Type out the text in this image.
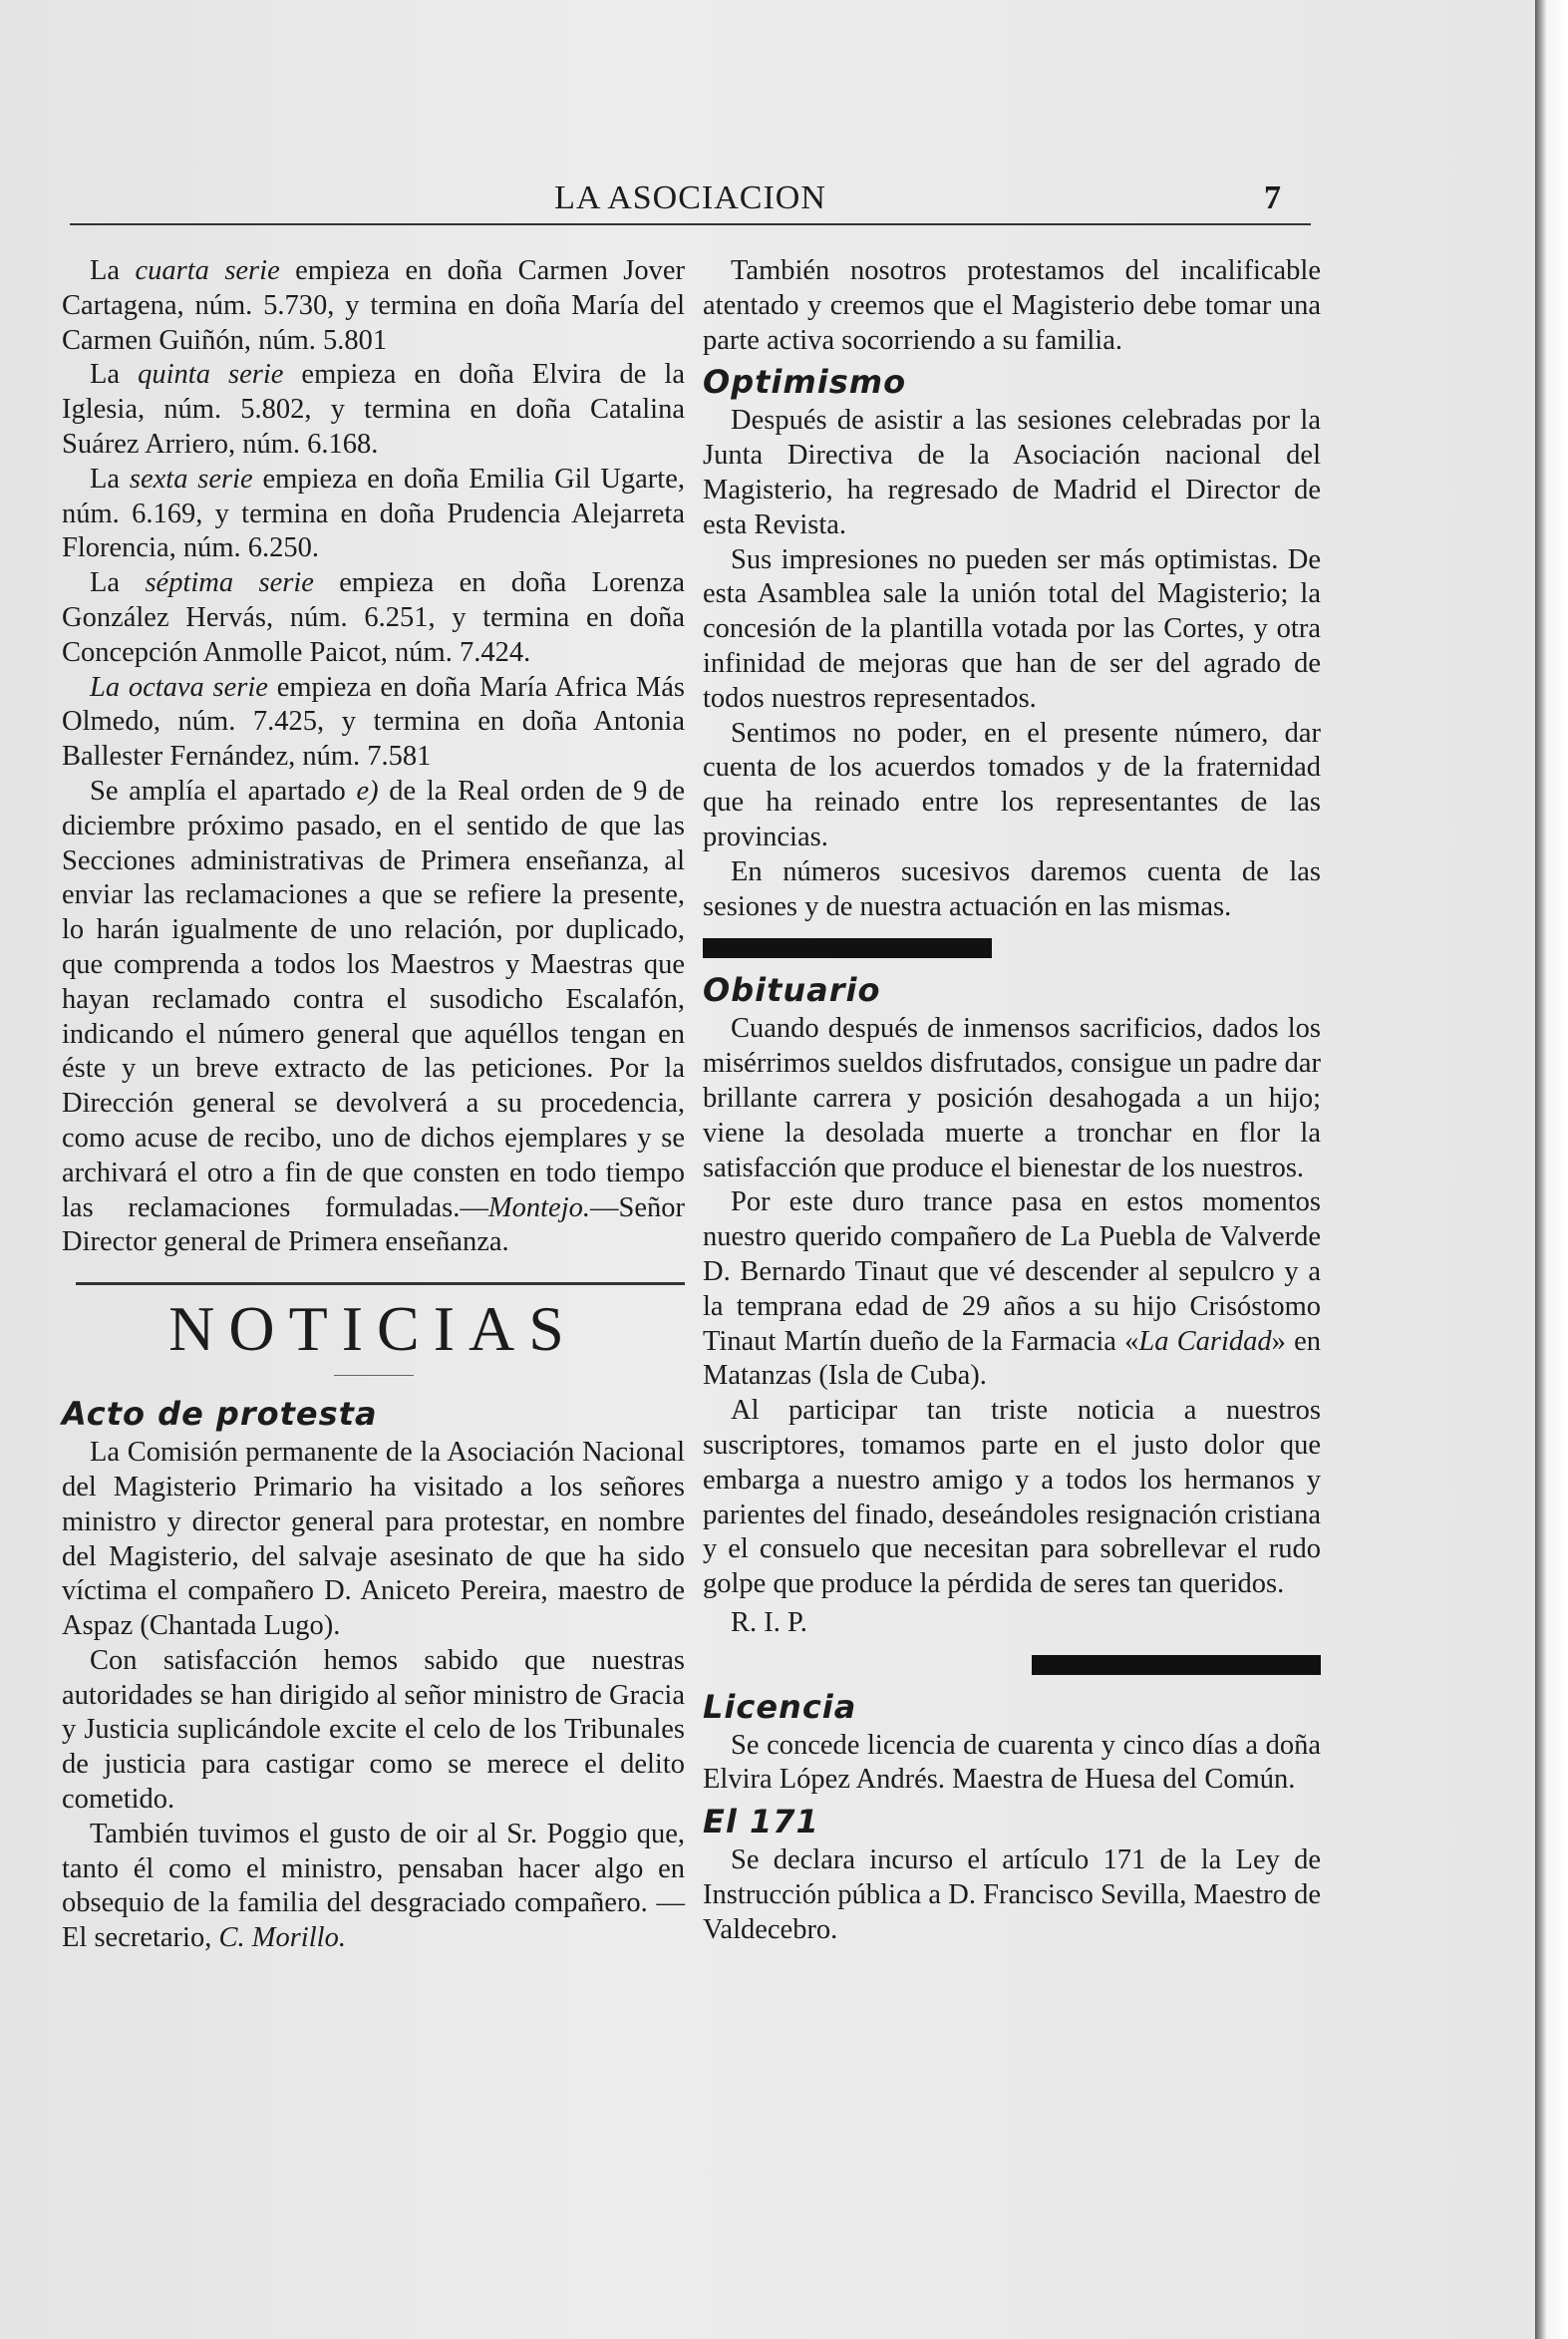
LA ASOCIACION	7

La cuarta serie empieza en doña Carmen Jover Cartagena, núm. 5.730, y termina en doña María del Carmen Guiñón, núm. 5.801

La quinta serie empieza en doña Elvira de la Iglesia, núm. 5.802, y termina en doña Catalina Suárez Arriero, núm. 6.168.

La sexta serie empieza en doña Emilia Gil Ugarte, núm. 6.169, y termina en doña Prudencia Alejarreta Florencia, núm. 6.250.

La séptima serie empieza en doña Lorenza González Hervás, núm. 6.251, y termina en doña Concepción Anmolle Paicot, núm. 7.424.

La octava serie empieza en doña María Africa Más Olmedo, núm. 7.425, y termina en doña Antonia Ballester Fernández, núm. 7.581

Se amplía el apartado e) de la Real orden de 9 de diciembre próximo pasado, en el sentido de que las Secciones administrativas de Primera enseñanza, al enviar las reclamaciones a que se refiere la presente, lo harán igualmente de uno relación, por duplicado, que comprenda a todos los Maestros y Maestras que hayan reclamado contra el susodicho Escalafón, indicando el número general que aquéllos tengan en éste y un breve extracto de las peticiones. Por la Dirección general se devolverá a su procedencia, como acuse de recibo, uno de dichos ejemplares y se archivará el otro a fin de que consten en todo tiempo las reclamaciones formuladas.—Montejo.—Señor Director general de Primera enseñanza.

NOTICIAS
Acto de protesta

La Comisión permanente de la Asociación Nacional del Magisterio Primario ha visitado a los señores ministro y director general para protestar, en nombre del Magisterio, del salvaje asesinato de que ha sido víctima el compañero D. Aniceto Pereira, maestro de Aspaz (Chantada Lugo).

Con satisfacción hemos sabido que nuestras autoridades se han dirigido al señor ministro de Gracia y Justicia suplicándole excite el celo de los Tribunales de justicia para castigar como se merece el delito cometido.

También tuvimos el gusto de oir al Sr. Poggio que, tanto él como el ministro, pensaban hacer algo en obsequio de la familia del desgraciado compañero. —El secretario, C. Morillo.

También nosotros protestamos del incalificable atentado y creemos que el Magisterio debe tomar una parte activa socorriendo a su familia.

Optimismo

Después de asistir a las sesiones celebradas por la Junta Directiva de la Asociación nacional del Magisterio, ha regresado de Madrid el Director de esta Revista.

Sus impresiones no pueden ser más optimistas. De esta Asamblea sale la unión total del Magisterio; la concesión de la plantilla votada por las Cortes, y otra infinidad de mejoras que han de ser del agrado de todos nuestros representados.

Sentimos no poder, en el presente número, dar cuenta de los acuerdos tomados y de la fraternidad que ha reinado entre los representantes de las provincias.

En números sucesivos daremos cuenta de las sesiones y de nuestra actuación en las mismas.

Obituario

Cuando después de inmensos sacrificios, dados los misérrimos sueldos disfrutados, consigue un padre dar brillante carrera y posición desahogada a un hijo; viene la desolada muerte a tronchar en flor la satisfacción que produce el bienestar de los nuestros.

Por este duro trance pasa en estos momentos nuestro querido compañero de La Puebla de Valverde D. Bernardo Tinaut que vé descender al sepulcro y a la temprana edad de 29 años a su hijo Crisóstomo Tinaut Martín dueño de la Farmacia «La Caridad» en Matanzas (Isla de Cuba).

Al participar tan triste noticia a nuestros suscriptores, tomamos parte en el justo dolor que embarga a nuestro amigo y a todos los hermanos y parientes del finado, deseándoles resignación cristiana y el consuelo que necesitan para sobrellevar el rudo golpe que produce la pérdida de seres tan queridos.

R. I. P.

Licencia

Se concede licencia de cuarenta y cinco días a doña Elvira López Andrés. Maestra de Huesa del Común.

El 171

Se declara incurso el artículo 171 de la Ley de Instrucción pública a D. Francisco Sevilla, Maestro de Valdecebro.
